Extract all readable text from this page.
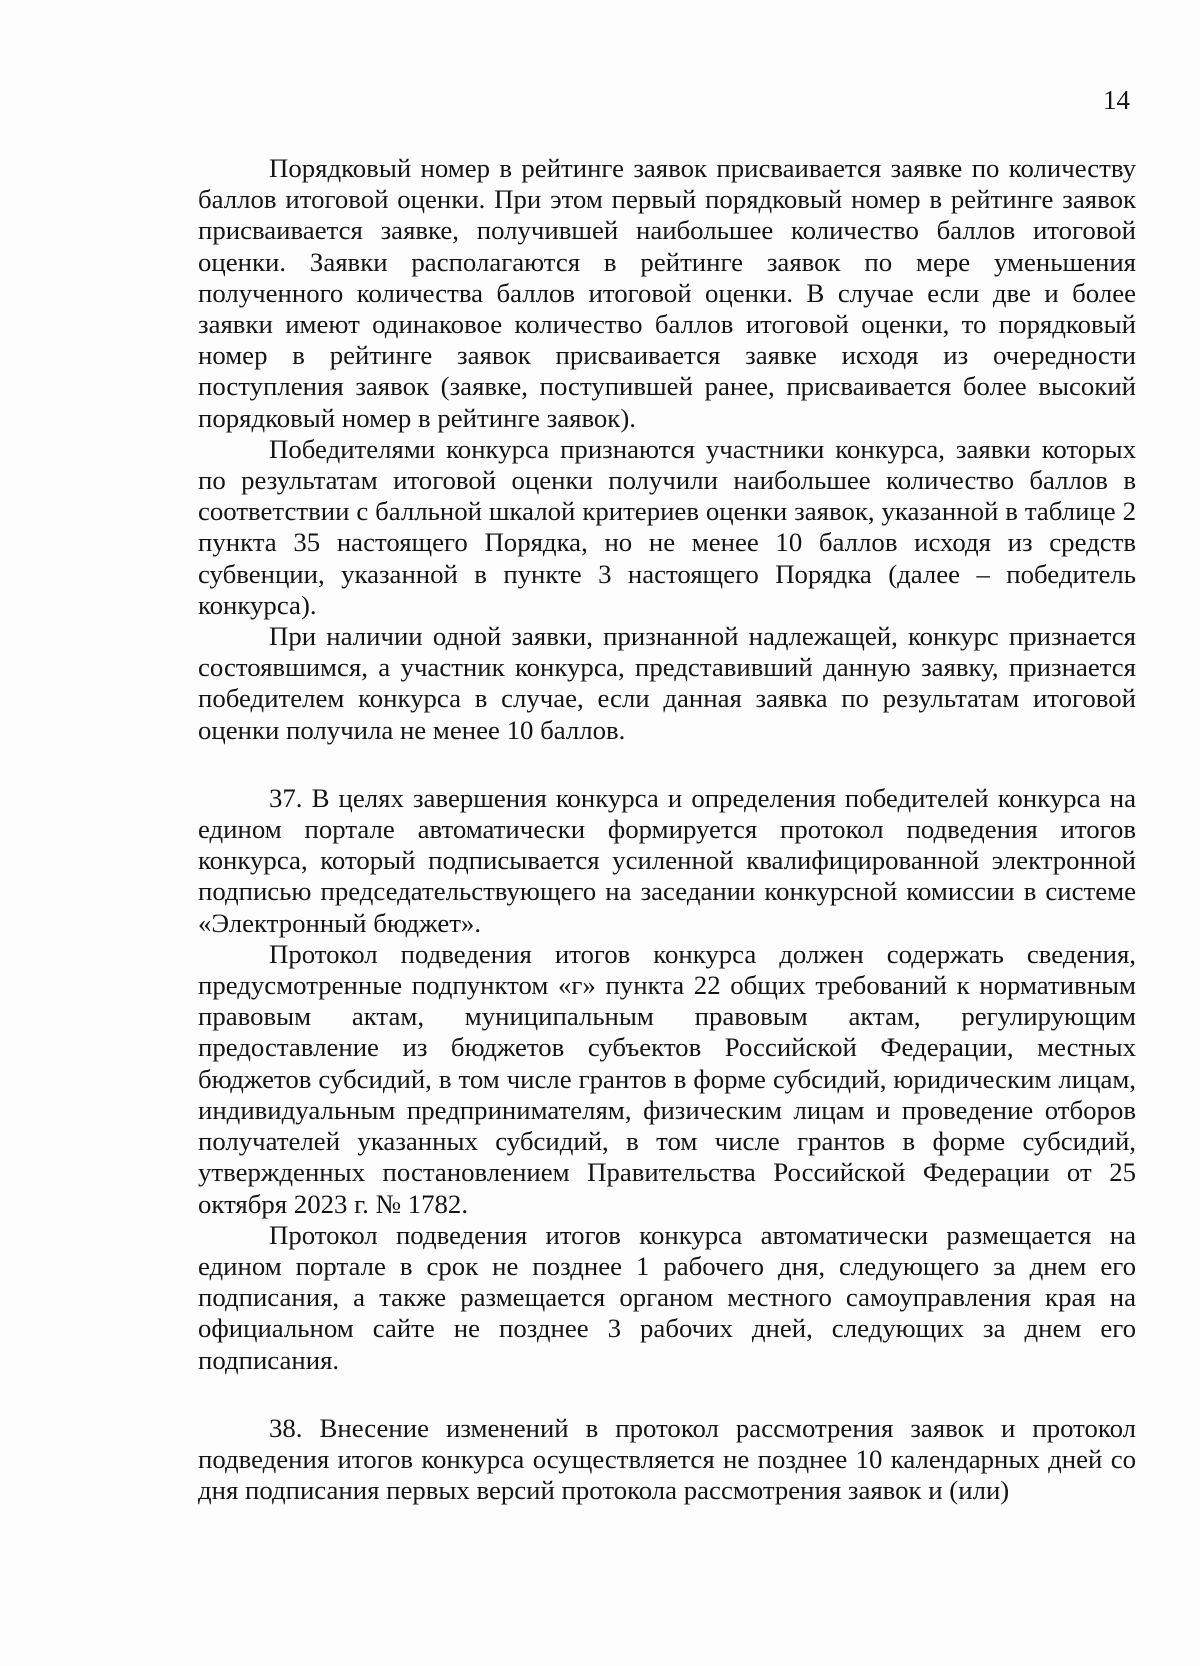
14

Порядковый номер в рейтинге заявок присваивается заявке по количеству баллов итоговой оценки. При этом первый порядковый номер в рейтинге заявок присваивается заявке, получившей наибольшее количество баллов итоговой оценки. Заявки располагаются в рейтинге заявок по мере уменьшения полученного количества баллов итоговой оценки. В случае если две и более заявки имеют одинаковое количество баллов итоговой оценки, то порядковый номер в рейтинге заявок присваивается заявке исходя из очередности поступления заявок (заявке, поступившей ранее, присваивается более высокий порядковый номер в рейтинге заявок).

Победителями конкурса признаются участники конкурса, заявки которых по результатам итоговой оценки получили наибольшее количество баллов в соответствии с балльной шкалой критериев оценки заявок, указанной в таблице 2 пункта 35 настоящего Порядка, но не менее 10 баллов исходя из средств субвенции, указанной в пункте 3 настоящего Порядка (далее – победитель конкурса).

При наличии одной заявки, признанной надлежащей, конкурс признается состоявшимся, а участник конкурса, представивший данную заявку, признается победителем конкурса в случае, если данная заявка по результатам итоговой оценки получила не менее 10 баллов.

37. В целях завершения конкурса и определения победителей конкурса на едином портале автоматически формируется протокол подведения итогов конкурса, который подписывается усиленной квалифицированной электронной подписью председательствующего на заседании конкурсной комиссии в системе «Электронный бюджет».

Протокол подведения итогов конкурса должен содержать сведения, предусмотренные подпунктом «г» пункта 22 общих требований к нормативным правовым актам, муниципальным правовым актам, регулирующим предоставление из бюджетов субъектов Российской Федерации, местных бюджетов субсидий, в том числе грантов в форме субсидий, юридическим лицам, индивидуальным предпринимателям, физическим лицам и проведение отборов получателей указанных субсидий, в том числе грантов в форме субсидий, утвержденных постановлением Правительства Российской Федерации от 25 октября 2023 г. № 1782.

Протокол подведения итогов конкурса автоматически размещается на едином портале в срок не позднее 1 рабочего дня, следующего за днем его подписания, а также размещается органом местного самоуправления края на официальном сайте не позднее 3 рабочих дней, следующих за днем его подписания.

38. Внесение изменений в протокол рассмотрения заявок и протокол подведения итогов конкурса осуществляется не позднее 10 календарных дней со дня подписания первых версий протокола рассмотрения заявок и (или)
